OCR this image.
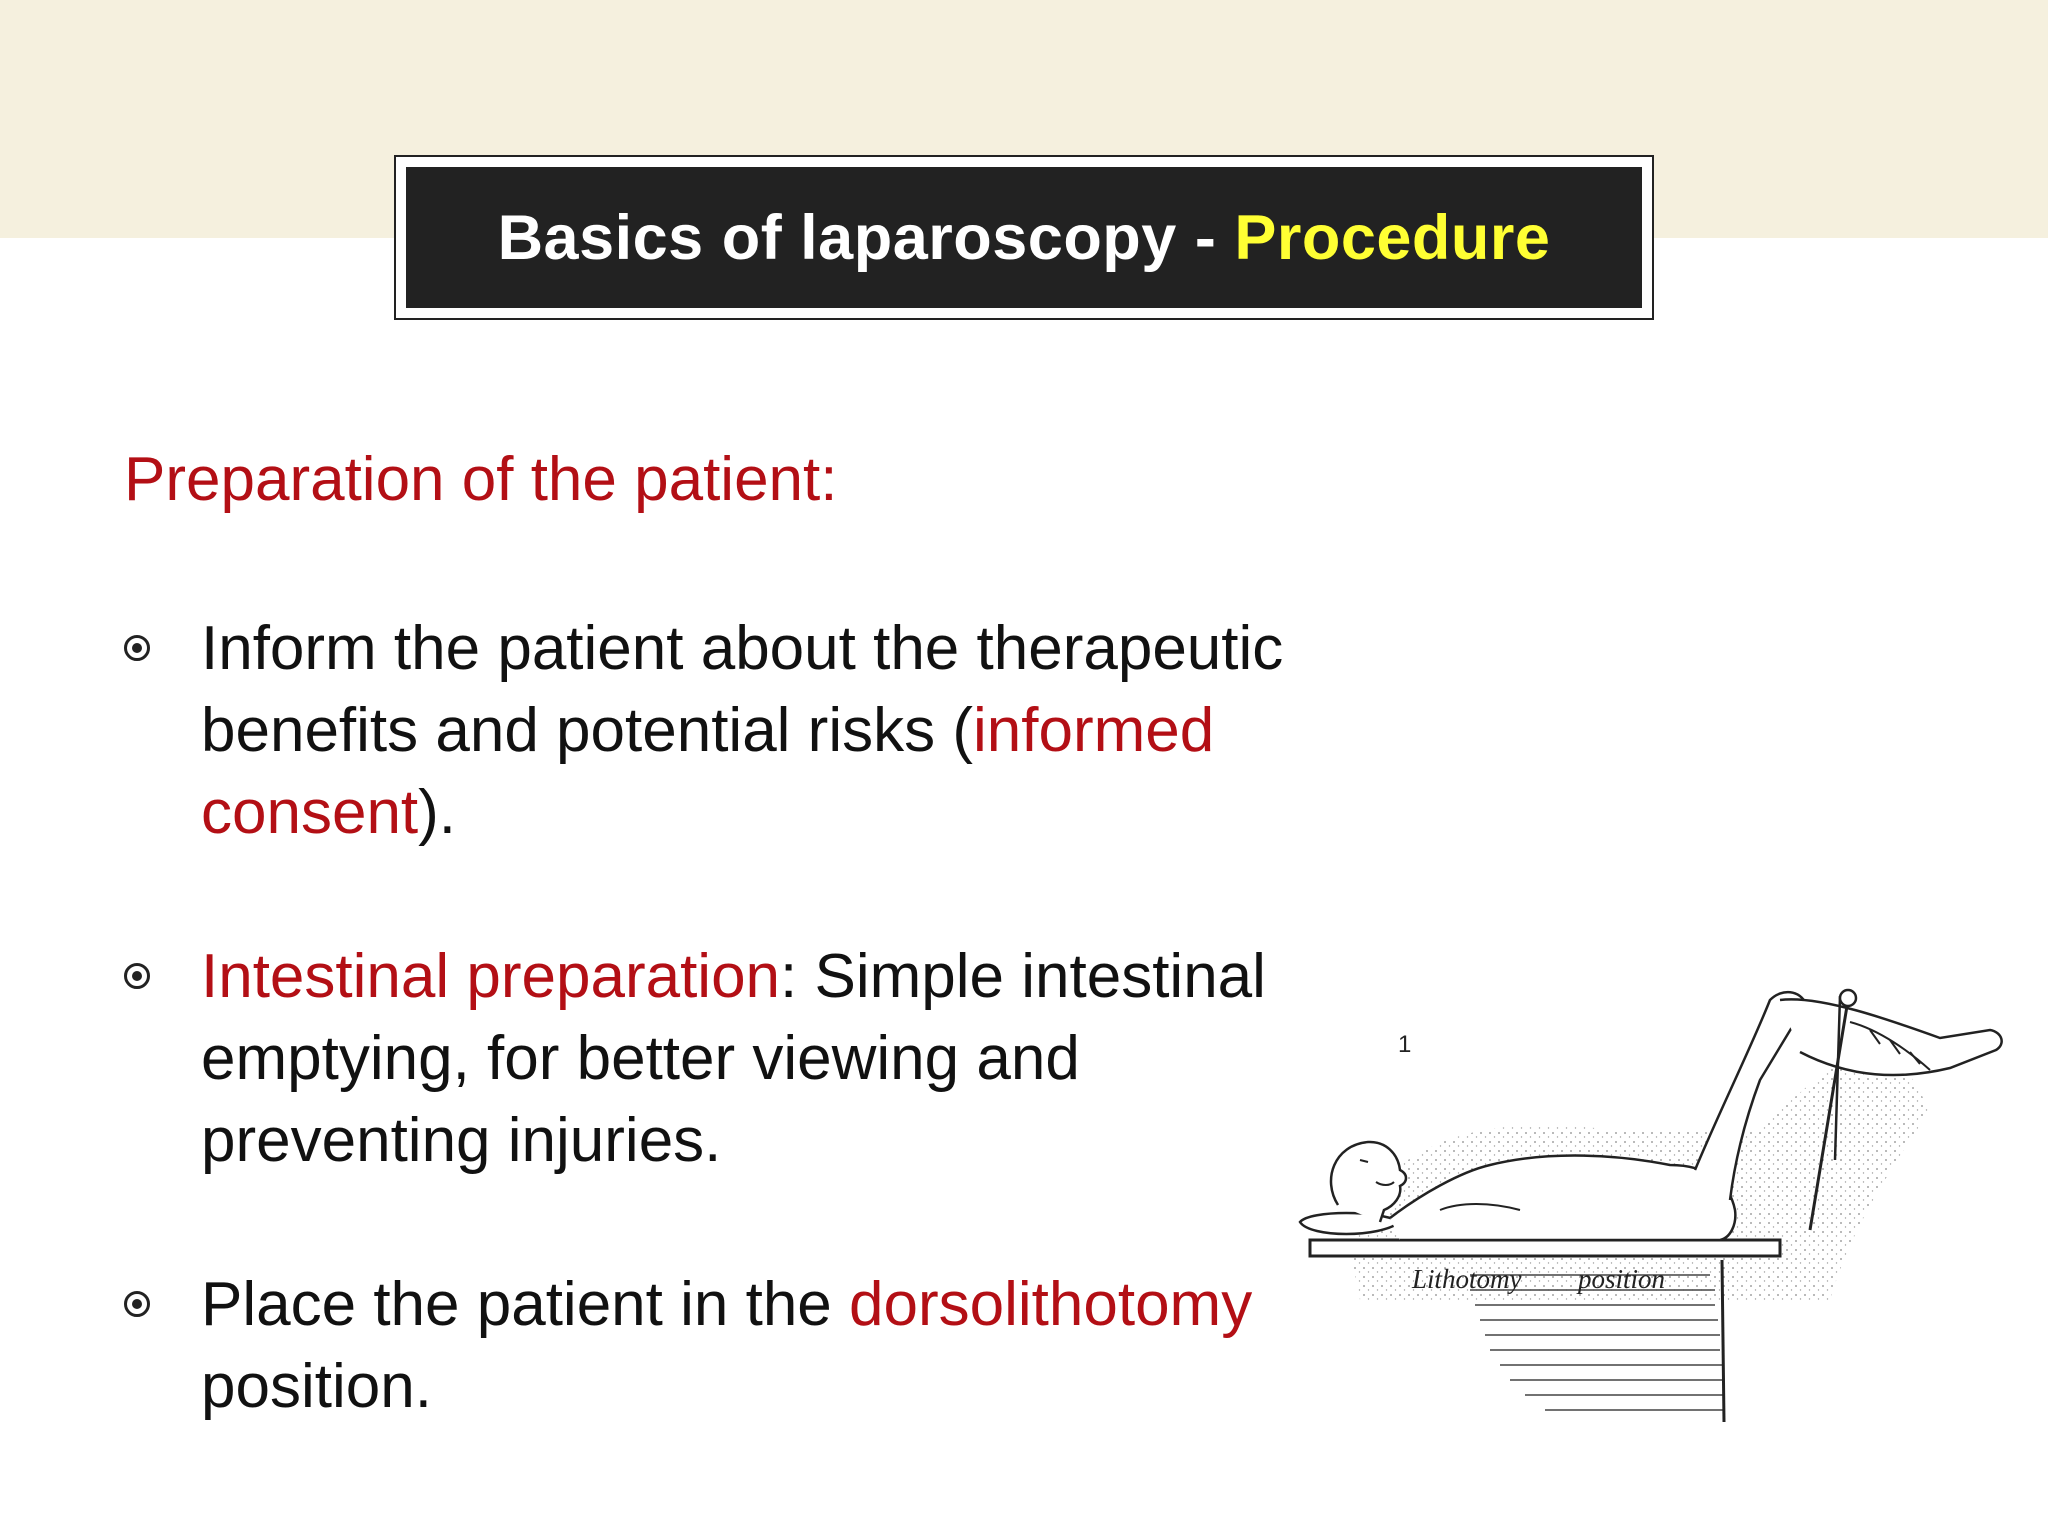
Basics of laparoscopy - Procedure
Preparation of the patient:
Inform the patient about the therapeutic benefits and potential risks (informed consent).
Intestinal preparation: Simple intestinal emptying, for better viewing and preventing injuries.
Place the patient in the dorsolithotomy position.
1
Lithotomy position
